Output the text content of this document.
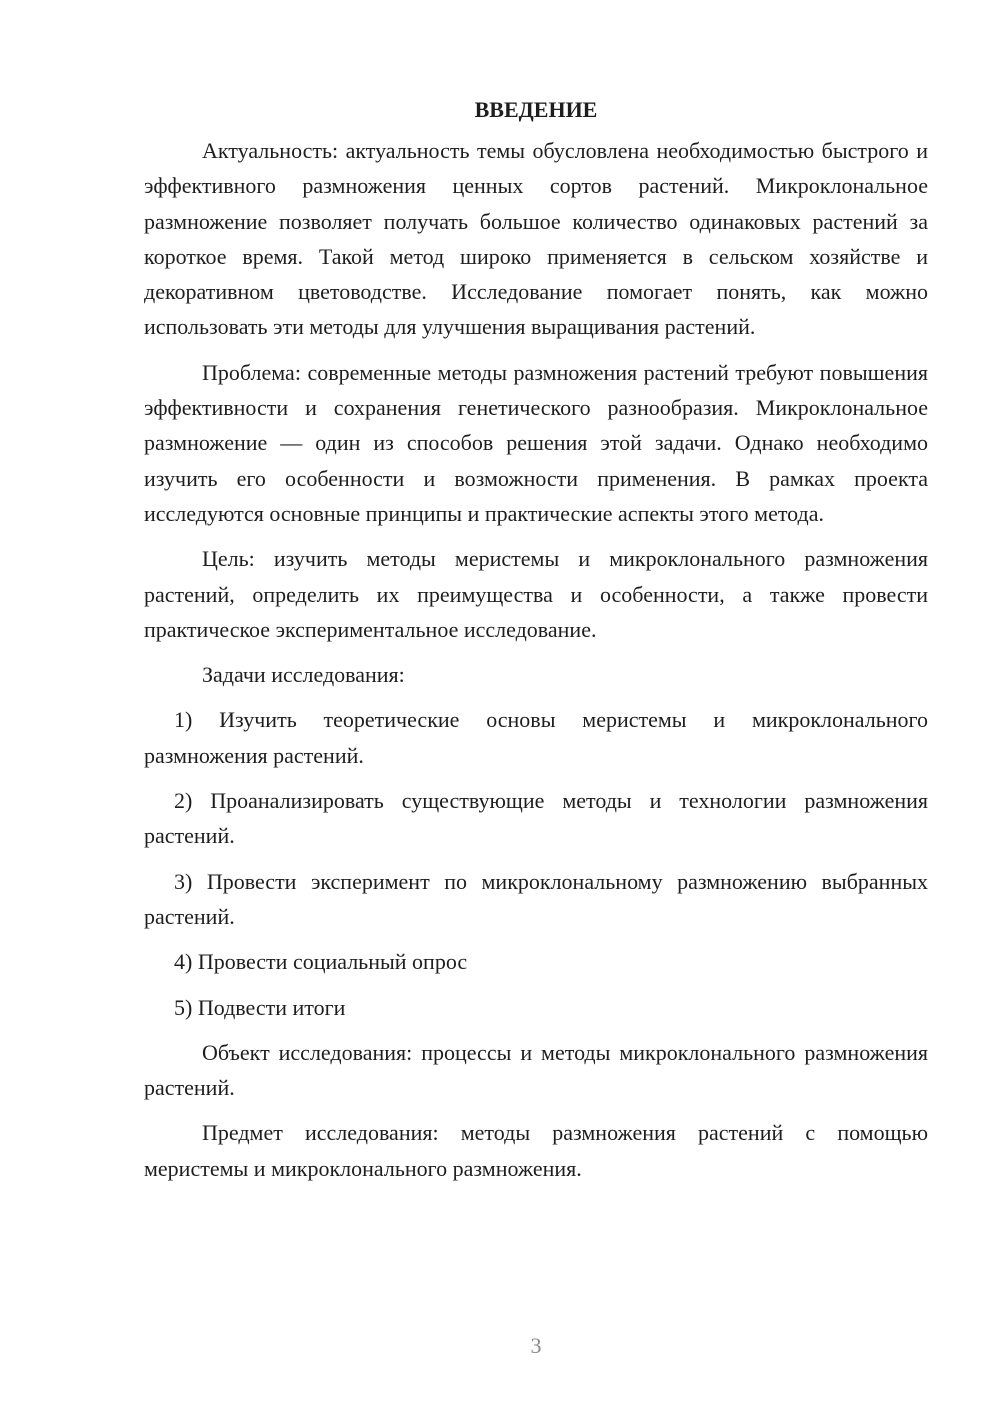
ВВЕДЕНИЕ

Актуальность: актуальность темы обусловлена необходимостью быстрого и эффективного размножения ценных сортов растений. Микроклональное размножение позволяет получать большое количество одинаковых растений за короткое время. Такой метод широко применяется в сельском хозяйстве и декоративном цветоводстве. Исследование помогает понять, как можно использовать эти методы для улучшения выращивания растений.

Проблема: современные методы размножения растений требуют повышения эффективности и сохранения генетического разнообразия. Микроклональное размножение — один из способов решения этой задачи. Однако необходимо изучить его особенности и возможности применения. В рамках проекта исследуются основные принципы и практические аспекты этого метода.

Цель: изучить методы меристемы и микроклонального размножения растений, определить их преимущества и особенности, а также провести практическое экспериментальное исследование.

Задачи исследования:

1) Изучить теоретические основы меристемы и микроклонального размножения растений.

2) Проанализировать существующие методы и технологии размножения растений.

3) Провести эксперимент по микроклональному размножению выбранных растений.

4) Провести социальный опрос

5) Подвести итоги

Объект исследования: процессы и методы микроклонального размножения растений.

Предмет исследования: методы размножения растений с помощью меристемы и микроклонального размножения.

3
